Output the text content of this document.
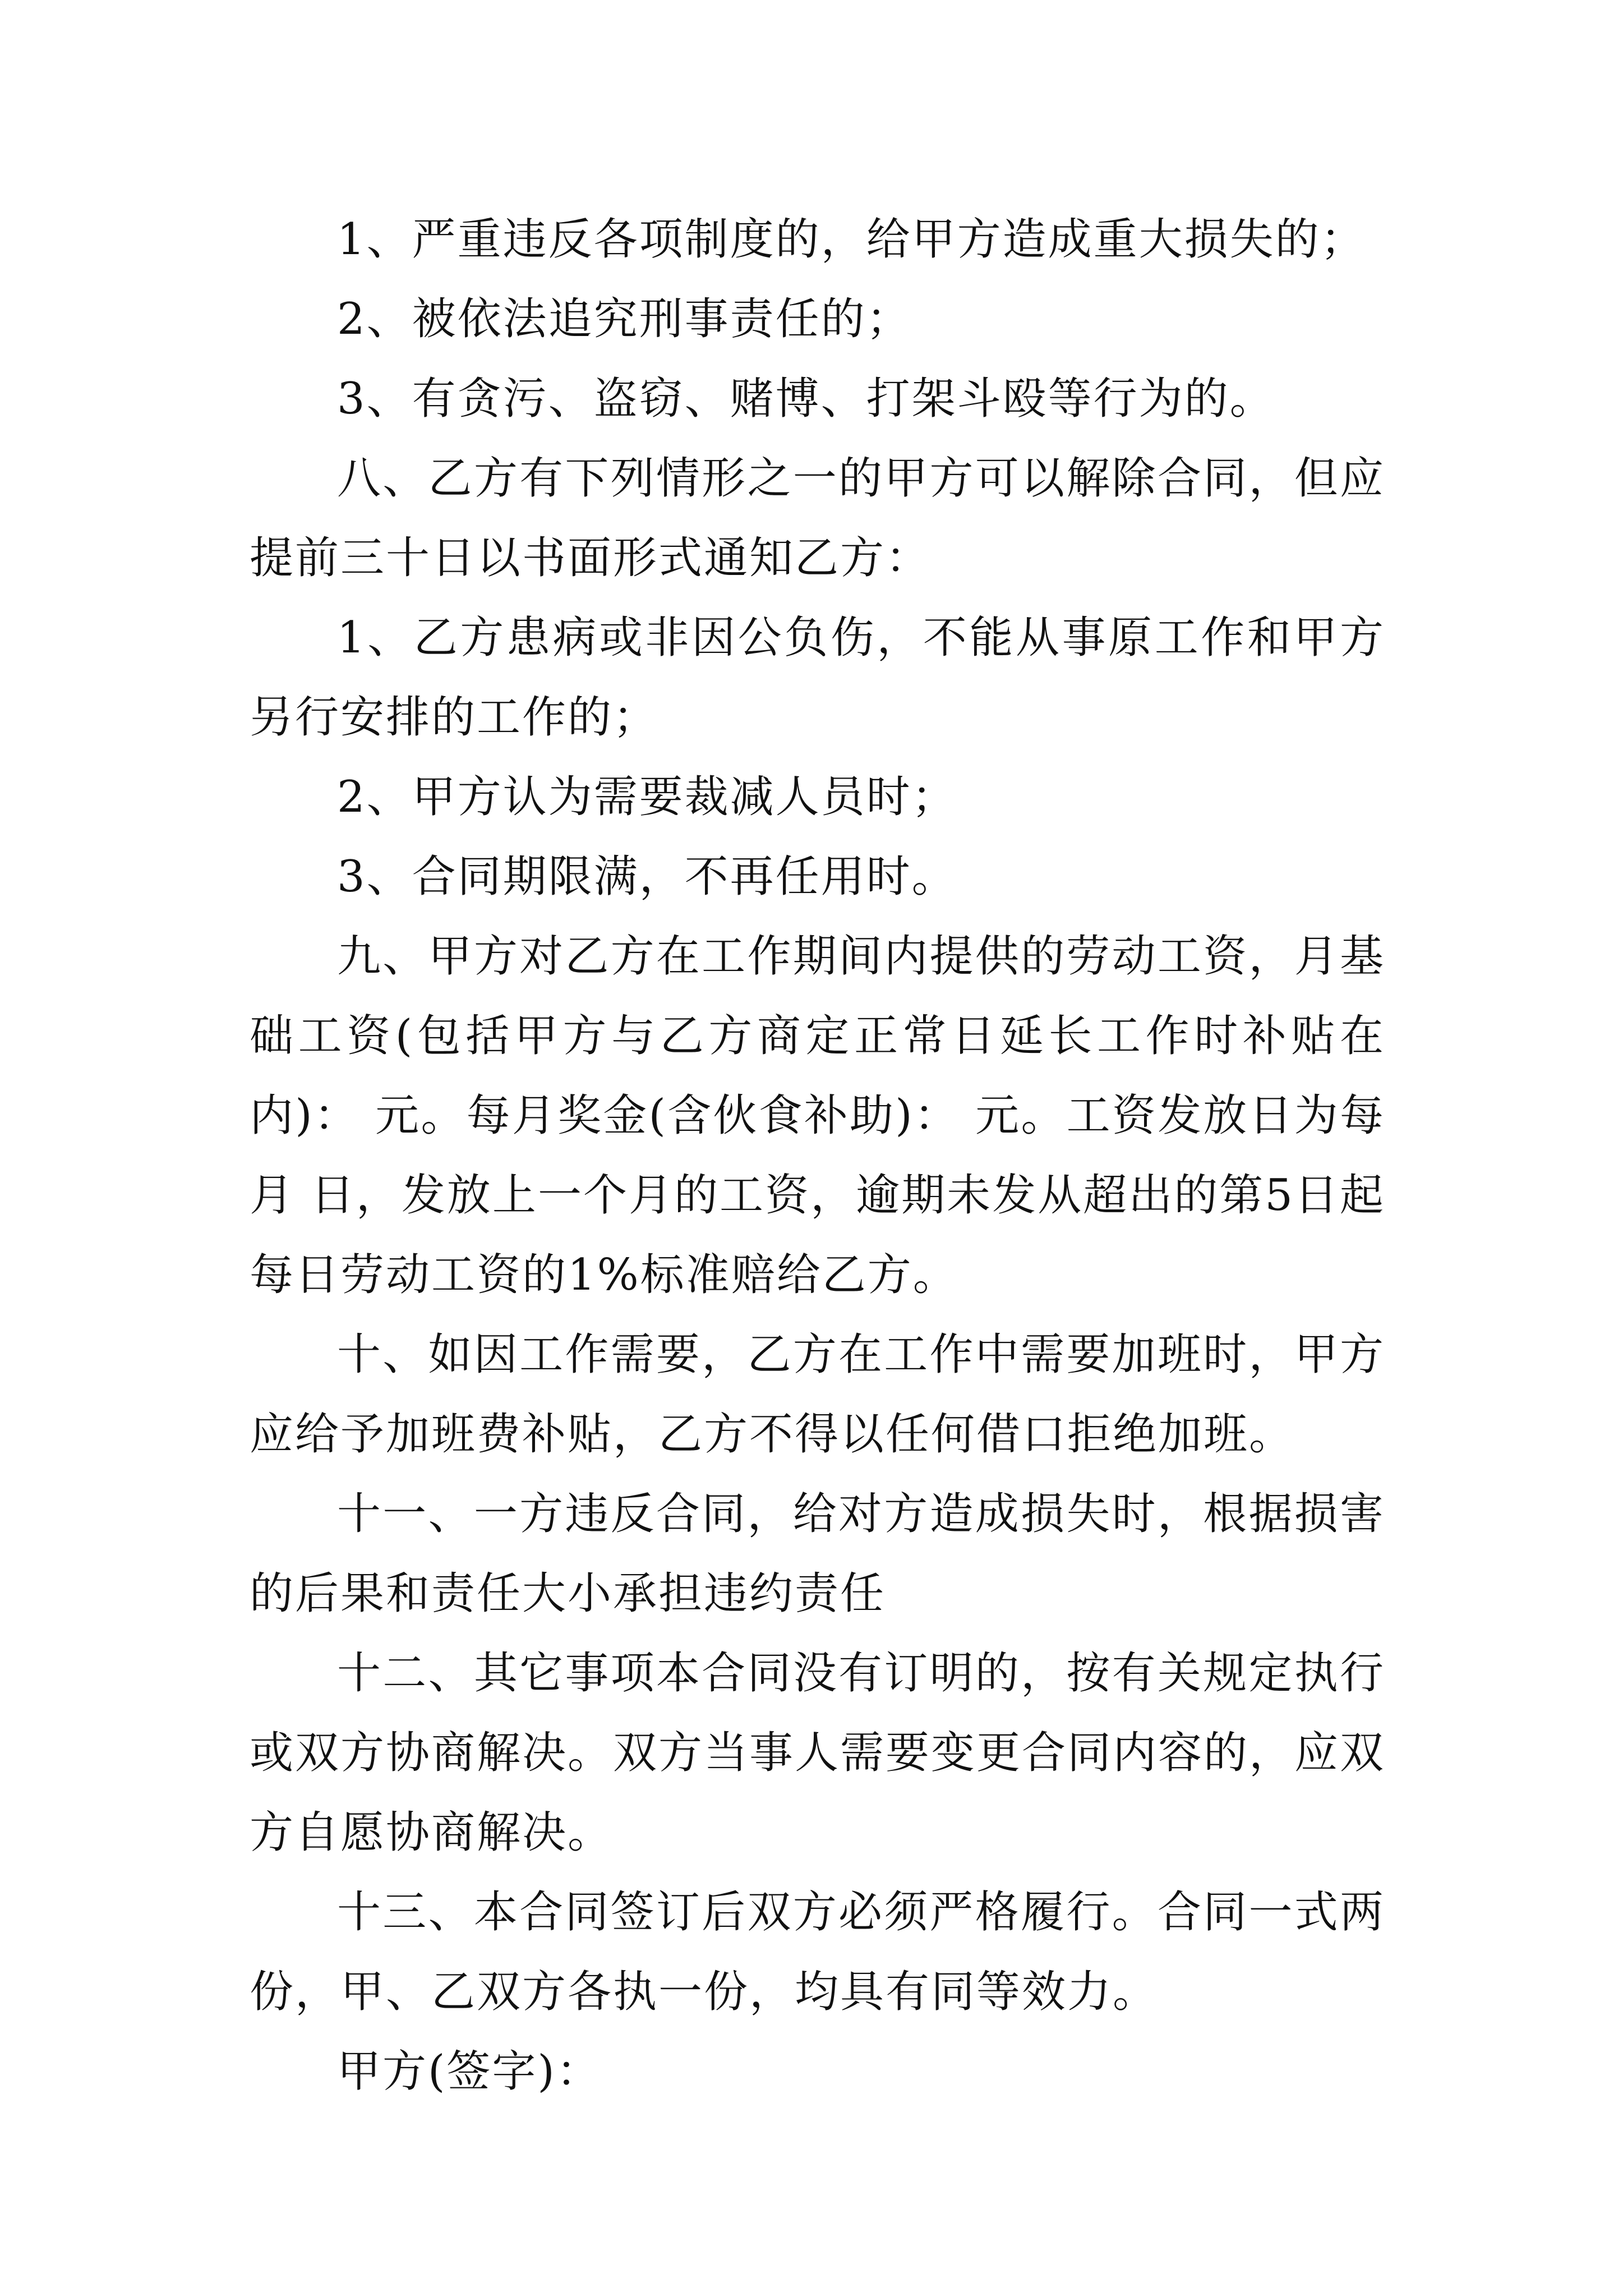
1、严重违反各项制度的，给甲方造成重大损失的；

2、被依法追究刑事责任的；

3、有贪污、盗窃、赌博、打架斗殴等行为的。

八、乙方有下列情形之一的甲方可以解除合同，但应提前三十日以书面形式通知乙方：

1、乙方患病或非因公负伤，不能从事原工作和甲方另行安排的工作的；

2、甲方认为需要裁减人员时；

3、合同期限满，不再任用时。

九、甲方对乙方在工作期间内提供的劳动工资，月基础工资(包括甲方与乙方商定正常日延长工作时补贴在内)： 元。每月奖金(含伙食补助)： 元。工资发放日为每月 日，发放上一个月的工资，逾期未发从超出的第5日起每日劳动工资的1%标准赔给乙方。

十、如因工作需要，乙方在工作中需要加班时，甲方应给予加班费补贴，乙方不得以任何借口拒绝加班。

十一、一方违反合同，给对方造成损失时，根据损害的后果和责任大小承担违约责任

十二、其它事项本合同没有订明的，按有关规定执行或双方协商解决。双方当事人需要变更合同内容的，应双方自愿协商解决。

十三、本合同签订后双方必须严格履行。合同一式两份，甲、乙双方各执一份，均具有同等效力。

甲方(签字)：
